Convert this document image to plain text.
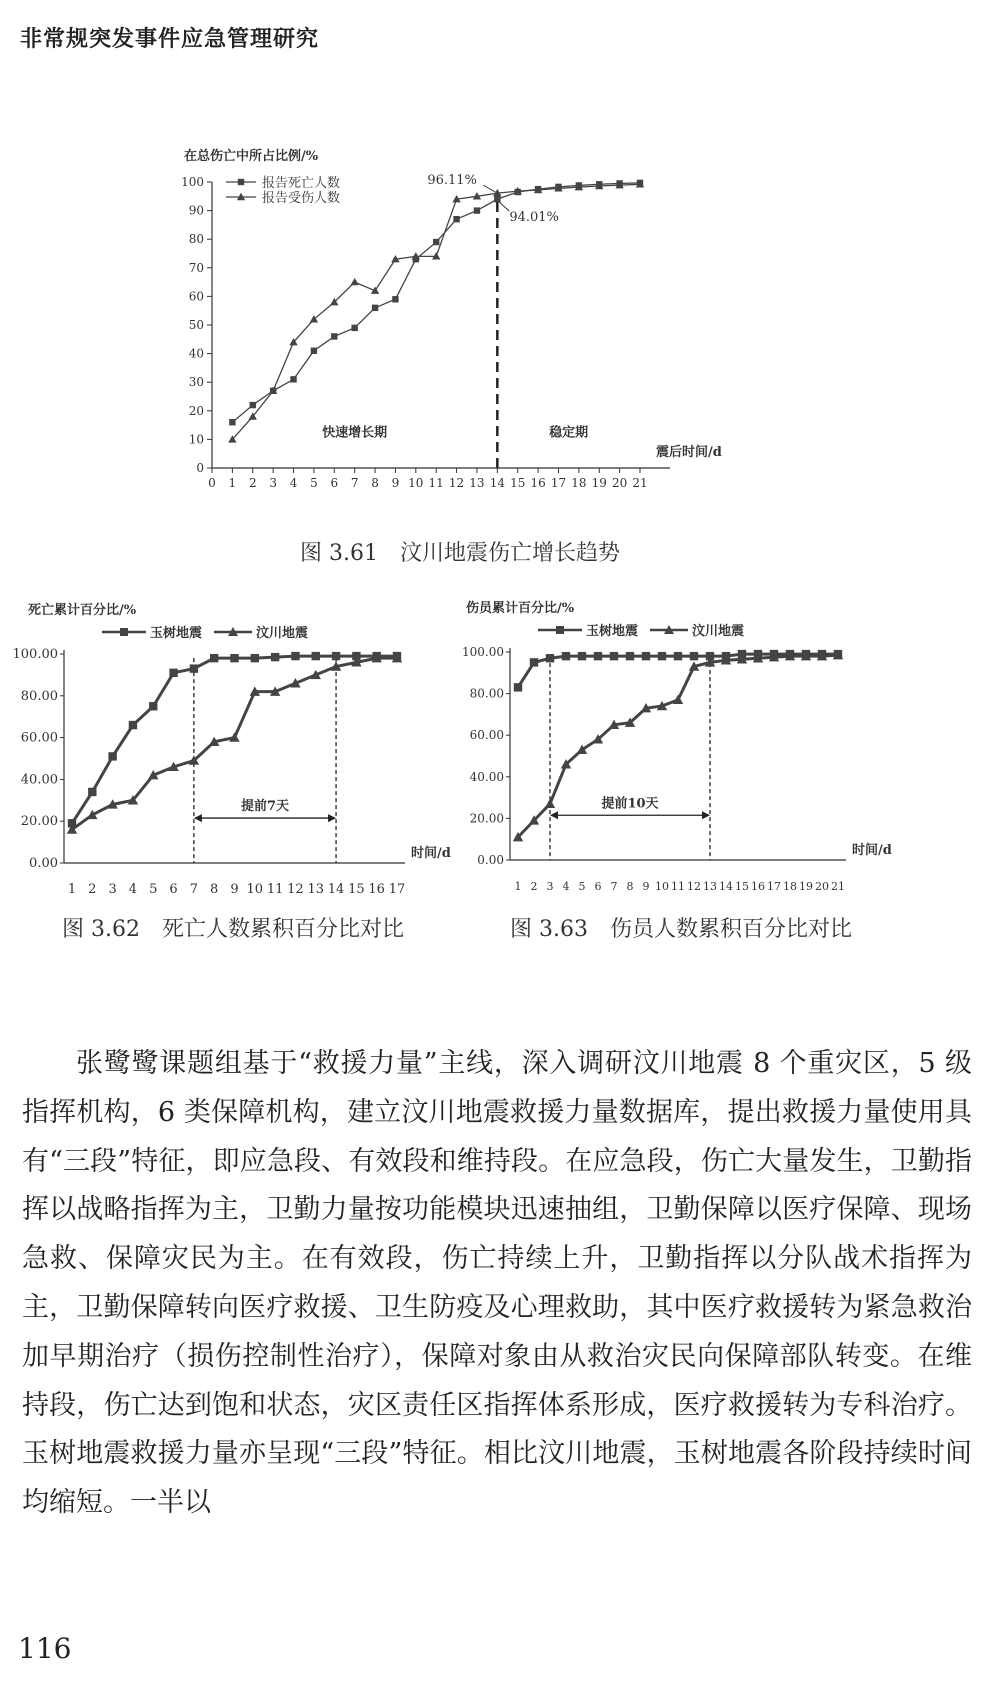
非常规突发事件应急管理研究
在总伤亡中所占比例/%
0
10
20
30
40
50
60
70
80
90
100
0 1 2 3 4 5 6 7 8 9 10 11 12 13 14 15 16 17 18 19 20 21
震后时间/d
快速增长期	稳定期
报告死亡人数
报告受伤人数
96.11%
94.01%
图 3.61　汶川地震伤亡增长趋势
死亡累计百分比/%
0.00
20.00
40.00
60.00
80.00
100.00
1 2 3 4 5 6 7 8 9 10 11 12 13 14 15 16 17
时间/d
提前7天
玉树地震	汶川地震
图 3.62　死亡人数累积百分比对比
伤员累计百分比/%
0.00
20.00
40.00
60.00
80.00
100.00
1 2 3 4 5 6 7 8 9 10 11 12 13 14 15 16 17 18 19 20 21
时间/d
提前10天
玉树地震	汶川地震
图 3.63　伤员人数累积百分比对比

张鹭鹭课题组基于“救援力量”主线，深入调研汶川地震 8 个重灾区，5 级指挥机构，6 类保障机构，建立汶川地震救援力量数据库，提出救援力量使用具有“三段”特征，即应急段、有效段和维持段。在应急段，伤亡大量发生，卫勤指挥以战略指挥为主，卫勤力量按功能模块迅速抽组，卫勤保障以医疗保障、现场急救、保障灾民为主。在有效段，伤亡持续上升，卫勤指挥以分队战术指挥为主，卫勤保障转向医疗救援、卫生防疫及心理救助，其中医疗救援转为紧急救治加早期治疗（损伤控制性治疗），保障对象由从救治灾民向保障部队转变。在维持段，伤亡达到饱和状态，灾区责任区指挥体系形成，医疗救援转为专科治疗。玉树地震救援力量亦呈现“三段”特征。相比汶川地震，玉树地震各阶段持续时间均缩短。一半以

116
